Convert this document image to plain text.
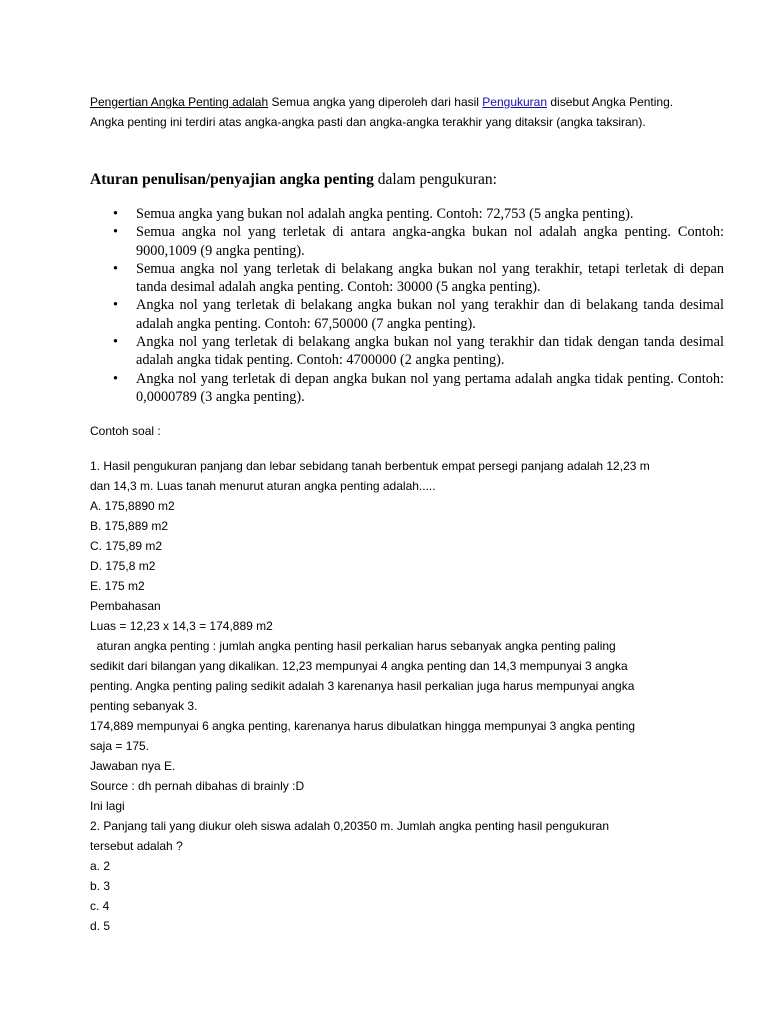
Pengertian Angka Penting adalah Semua angka yang diperoleh dari hasil Pengukuran disebut Angka Penting. Angka penting ini terdiri atas angka-angka pasti dan angka-angka terakhir yang ditaksir (angka taksiran).
Aturan penulisan/penyajian angka penting dalam pengukuran:
• Semua angka yang bukan nol adalah angka penting. Contoh: 72,753 (5 angka penting).
• Semua angka nol yang terletak di antara angka-angka bukan nol adalah angka penting. Contoh: 9000,1009 (9 angka penting).
• Semua angka nol yang terletak di belakang angka bukan nol yang terakhir, tetapi terletak di depan tanda desimal adalah angka penting. Contoh: 30000 (5 angka penting).
• Angka nol yang terletak di belakang angka bukan nol yang terakhir dan di belakang tanda desimal adalah angka penting. Contoh: 67,50000 (7 angka penting).
• Angka nol yang terletak di belakang angka bukan nol yang terakhir dan tidak dengan tanda desimal adalah angka tidak penting. Contoh: 4700000 (2 angka penting).
• Angka nol yang terletak di depan angka bukan nol yang pertama adalah angka tidak penting. Contoh: 0,0000789 (3 angka penting).
Contoh soal :
1. Hasil pengukuran panjang dan lebar sebidang tanah berbentuk empat persegi panjang adalah 12,23 m
dan 14,3 m. Luas tanah menurut aturan angka penting adalah.....
A. 175,8890 m2
B. 175,889 m2
C. 175,89 m2
D. 175,8 m2
E. 175 m2
Pembahasan
Luas = 12,23 x 14,3 = 174,889 m2
aturan angka penting : jumlah angka penting hasil perkalian harus sebanyak angka penting paling
sedikit dari bilangan yang dikalikan. 12,23 mempunyai 4 angka penting dan 14,3 mempunyai 3 angka
penting. Angka penting paling sedikit adalah 3 karenanya hasil perkalian juga harus mempunyai angka
penting sebanyak 3.
174,889 mempunyai 6 angka penting, karenanya harus dibulatkan hingga mempunyai 3 angka penting
saja = 175.
Jawaban nya E.
Source : dh pernah dibahas di brainly :D
Ini lagi
2. Panjang tali yang diukur oleh siswa adalah 0,20350 m. Jumlah angka penting hasil pengukuran
tersebut adalah ?
a. 2
b. 3
c. 4
d. 5
